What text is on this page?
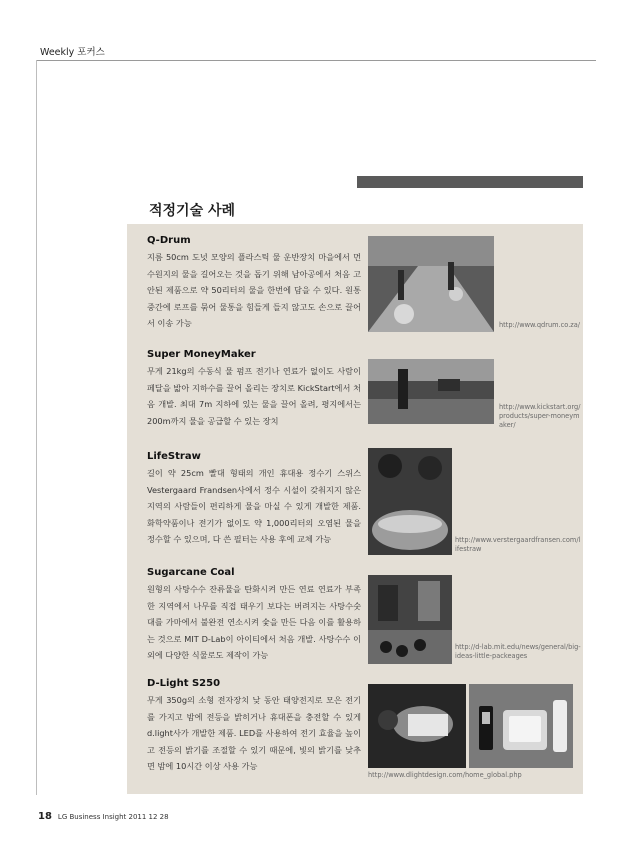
Weekly 포커스
적정기술 사례
Q-Drum
지름 50cm 도넛 모양의 플라스틱 물 운반장치 마을에서 먼 수원지의 물을 길어오는 것을 돕기 위해 남아공에서 처음 고안된 제품으로 약 50리터의 물을 한번에 담을 수 있다. 원통 중간에 로프를 묶어 물통을 힘들게 들지 않고도 손으로 끌어서 이송 가능	http://www.qdrum.co.za/
Super MoneyMaker
무게 21kg의 수동식 물 펌프 전기나 연료가 없이도 사람이 페달을 밟아 지하수를 끌어 올리는 장치로 KickStart에서 처음 개발. 최대 7m 지하에 있는 물을 끌어 올려, 평지에서는 200m까지 물을 공급할 수 있는 장치
http://www.kickstart.org/products/super-moneymaker/
LifeStraw
길이 약 25cm 빨대 형태의 개인 휴대용 정수기 스위스 Vestergaard Frandsen사에서 정수 시설이 갖춰지지 않은 지역의 사람들이 편리하게 물을 마실 수 있게 개발한 제품. 화학약품이나 전기가 없이도 약 1,000리터의 오염된 물을 정수할 수 있으며, 다 쓴 필터는 사용 후에 교체 가능	http://www.verstergaardfransen.com/lifestraw
Sugarcane Coal
원형의 사탕수수 잔류물을 탄화시켜 만든 연료 연료가 부족한 지역에서 나무를 직접 태우기 보다는 버려지는 사탕수숫대를 가마에서 불완전 연소시켜 숯을 만든 다음 이를 활용하는 것으로 MIT D-Lab이 아이티에서 처음 개발. 사탕수수 이외에 다양한 식물로도 제작이 가능
http://d-lab.mit.edu/news/general/big-ideas-little-packeages
D-Light S250
무게 350g의 소형 전자장치 낮 동안 태양전지로 모은 전기를 가지고 밤에 전등을 밝히거나 휴대폰을 충전할 수 있게 d.light사가 개발한 제품. LED를 사용하여 전기 효율을 높이고 전등의 밝기를 조절할 수 있기 때문에, 빛의 밝기를 낮추면 밤에 10시간 이상 사용 가능
http://www.dlightdesign.com/home_global.php
18 LG Business Insight 2011 12 28
